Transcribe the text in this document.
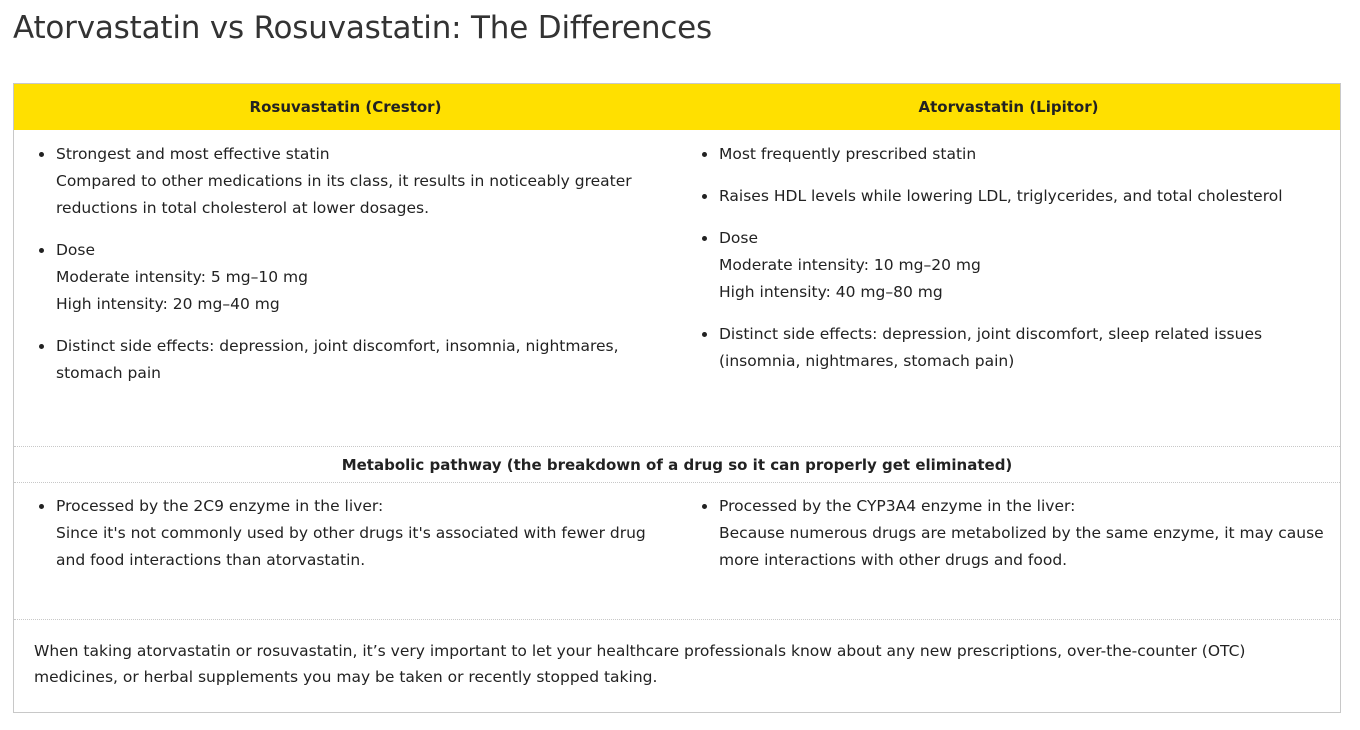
Atorvastatin vs Rosuvastatin: The Differences
Rosuvastatin (Crestor)	Atorvastatin (Lipitor)
Strongest and most effective statin
Compared to other medications in its class, it results in noticeably greater reductions in total cholesterol at lower dosages.
Dose
Moderate intensity: 5 mg–10 mg
High intensity: 20 mg–40 mg
Distinct side effects: depression, joint discomfort, insomnia, nightmares, stomach pain
Most frequently prescribed statin
Raises HDL levels while lowering LDL, triglycerides, and total cholesterol
Dose
Moderate intensity: 10 mg–20 mg
High intensity: 40 mg–80 mg
Distinct side effects: depression, joint discomfort, sleep related issues (insomnia, nightmares, stomach pain)
Metabolic pathway (the breakdown of a drug so it can properly get eliminated)
Processed by the 2C9 enzyme in the liver:
Since it's not commonly used by other drugs it's associated with fewer drug and food interactions than atorvastatin.
Processed by the CYP3A4 enzyme in the liver:
Because numerous drugs are metabolized by the same enzyme, it may cause more interactions with other drugs and food.
When taking atorvastatin or rosuvastatin, it’s very important to let your healthcare professionals know about any new prescriptions, over-the-counter (OTC) medicines, or herbal supplements you may be taken or recently stopped taking.
